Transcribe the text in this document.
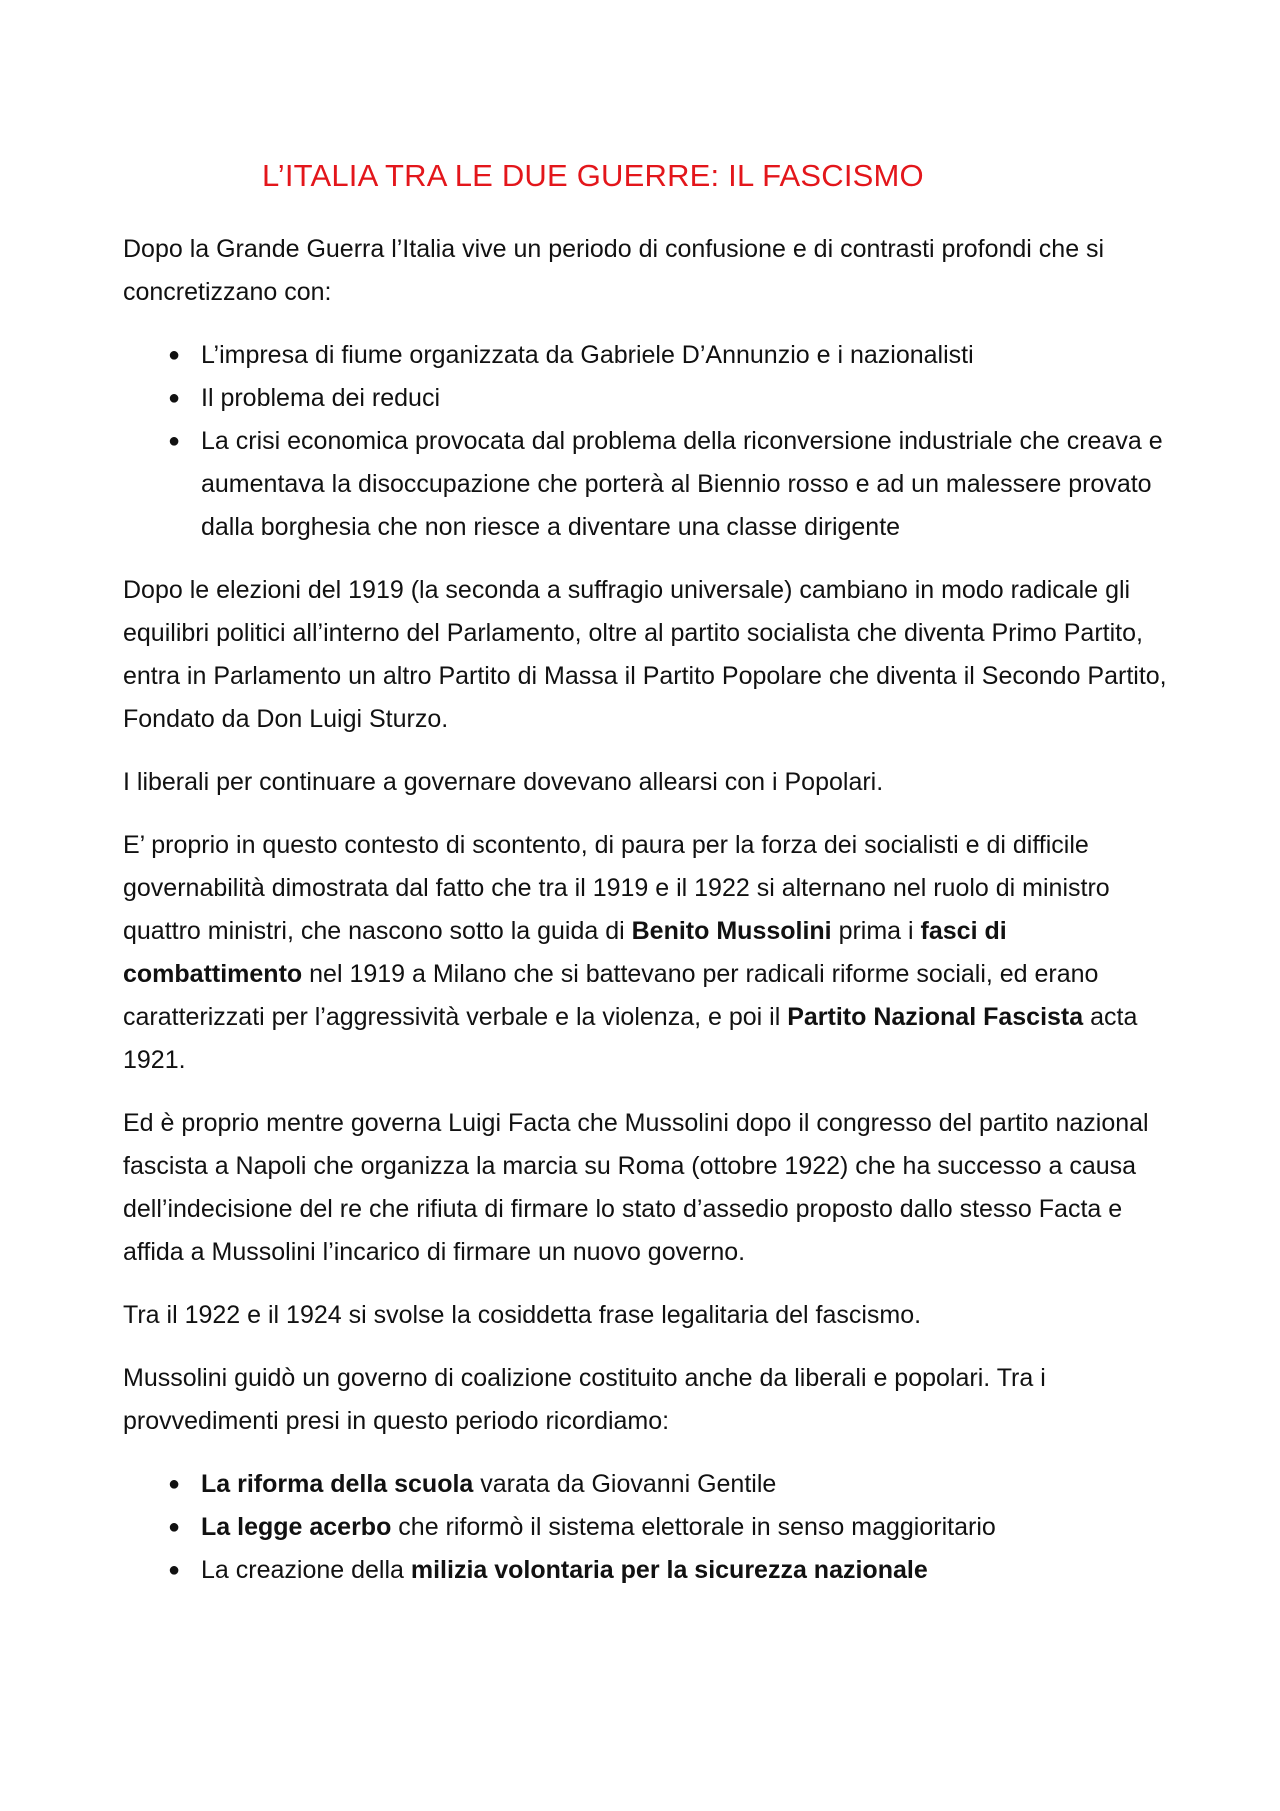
L’ITALIA TRA LE DUE GUERRE: IL FASCISMO

Dopo la Grande Guerra l’Italia vive un periodo di confusione e di contrasti profondi che si concretizzano con:

● L’impresa di fiume organizzata da Gabriele D’Annunzio e i nazionalisti
● Il problema dei reduci
● La crisi economica provocata dal problema della riconversione industriale che creava e aumentava la disoccupazione che porterà al Biennio rosso e ad un malessere provato dalla borghesia che non riesce a diventare una classe dirigente

Dopo le elezioni del 1919 (la seconda a suffragio universale) cambiano in modo radicale gli equilibri politici all’interno del Parlamento, oltre al partito socialista che diventa Primo Partito, entra in Parlamento un altro Partito di Massa il Partito Popolare che diventa il Secondo Partito, Fondato da Don Luigi Sturzo.

I liberali per continuare a governare dovevano allearsi con i Popolari.

E’ proprio in questo contesto di scontento, di paura per la forza dei socialisti e di difficile governabilità dimostrata dal fatto che tra il 1919 e il 1922 si alternano nel ruolo di ministro quattro ministri, che nascono sotto la guida di Benito Mussolini prima i fasci di combattimento nel 1919 a Milano che si battevano per radicali riforme sociali, ed erano caratterizzati per l’aggressività verbale e la violenza, e poi il Partito Nazional Fascista acta 1921.

Ed è proprio mentre governa Luigi Facta che Mussolini dopo il congresso del partito nazional fascista a Napoli che organizza la marcia su Roma (ottobre 1922) che ha successo a causa dell’indecisione del re che rifiuta di firmare lo stato d’assedio proposto dallo stesso Facta e affida a Mussolini l’incarico di firmare un nuovo governo.

Tra il 1922 e il 1924 si svolse la cosiddetta frase legalitaria del fascismo.

Mussolini guidò un governo di coalizione costituito anche da liberali e popolari. Tra i provvedimenti presi in questo periodo ricordiamo:

● La riforma della scuola varata da Giovanni Gentile
● La legge acerbo che riformò il sistema elettorale in senso maggioritario
● La creazione della milizia volontaria per la sicurezza nazionale
